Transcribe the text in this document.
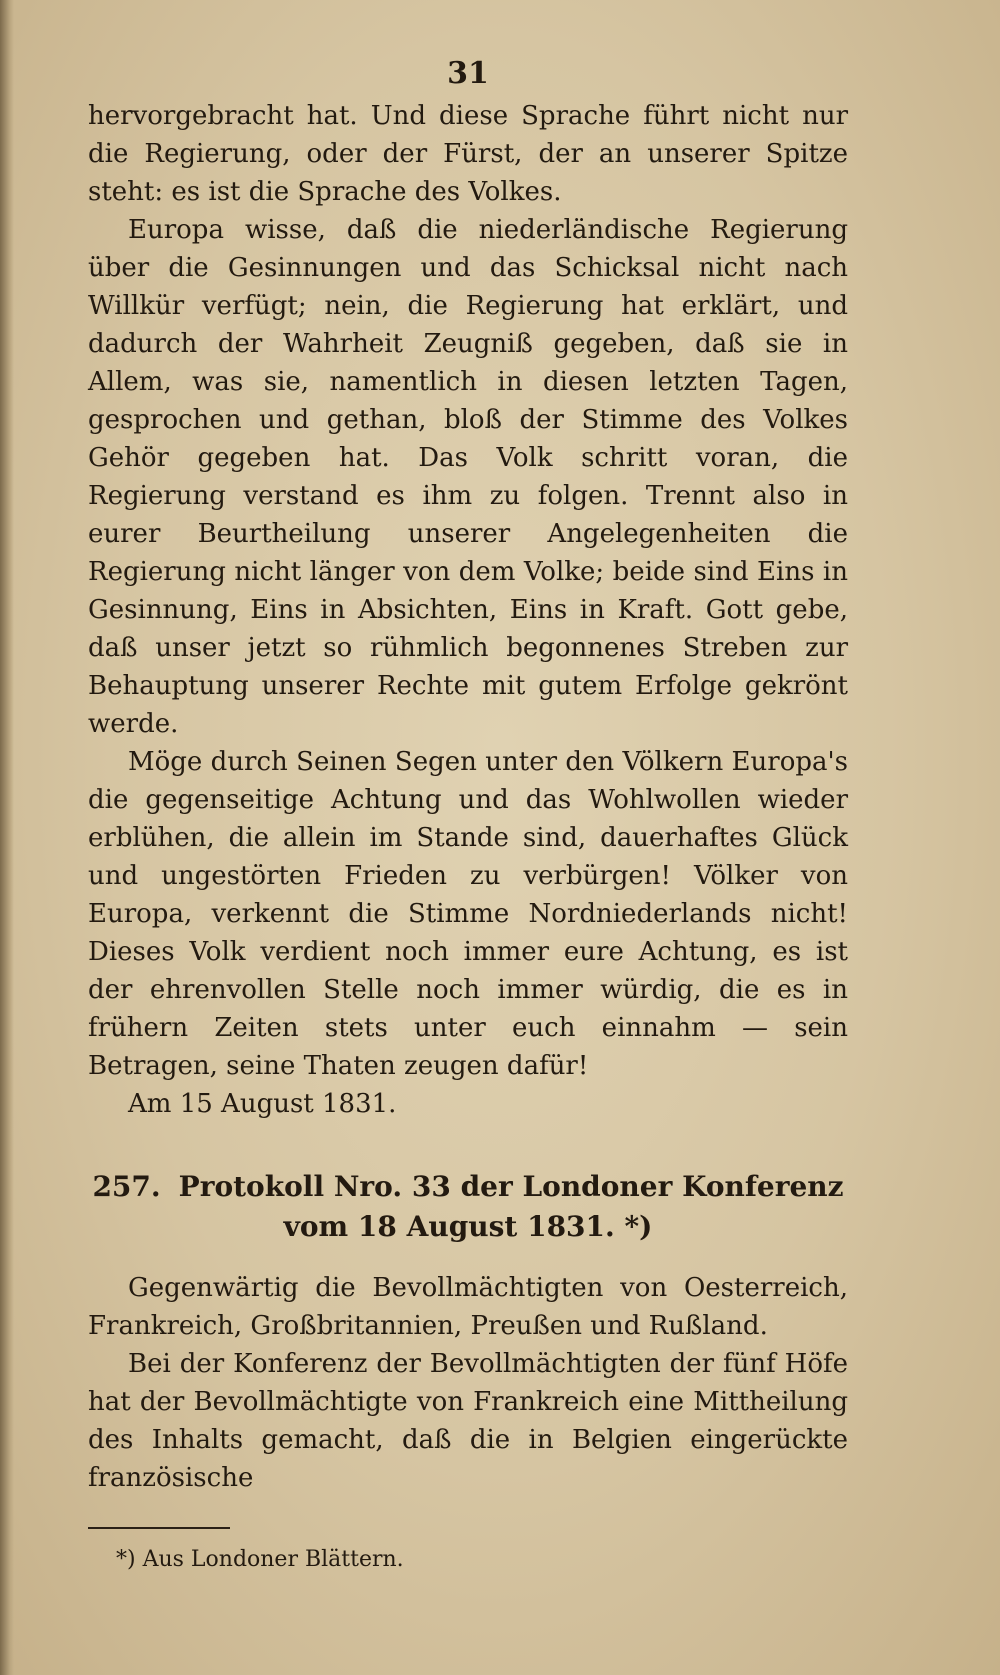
31

hervorgebracht hat. Und diese Sprache führt nicht nur die Regierung, oder der Fürst, der an unserer Spitze steht: es ist die Sprache des Volkes.

Europa wisse, daß die niederländische Regierung über die Gesinnungen und das Schicksal nicht nach Willkür verfügt; nein, die Regierung hat erklärt, und dadurch der Wahrheit Zeugniß gegeben, daß sie in Allem, was sie, namentlich in diesen letzten Tagen, gesprochen und gethan, bloß der Stimme des Volkes Gehör gegeben hat. Das Volk schritt voran, die Regierung verstand es ihm zu folgen. Trennt also in eurer Beurtheilung unserer Angelegenheiten die Regierung nicht länger von dem Volke; beide sind Eins in Gesinnung, Eins in Absichten, Eins in Kraft. Gott gebe, daß unser jetzt so rühmlich begonnenes Streben zur Behauptung unserer Rechte mit gutem Erfolge gekrönt werde.

Möge durch Seinen Segen unter den Völkern Europa's die gegenseitige Achtung und das Wohlwollen wieder erblühen, die allein im Stande sind, dauerhaftes Glück und ungestörten Frieden zu verbürgen! Völker von Europa, verkennt die Stimme Nordniederlands nicht! Dieses Volk verdient noch immer eure Achtung, es ist der ehrenvollen Stelle noch immer würdig, die es in frühern Zeiten stets unter euch einnahm — sein Betragen, seine Thaten zeugen dafür!

Am 15 August 1831.

257. Protokoll Nro. 33 der Londoner Konferenz vom 18 August 1831. *)

Gegenwärtig die Bevollmächtigten von Oesterreich, Frankreich, Großbritannien, Preußen und Rußland.

Bei der Konferenz der Bevollmächtigten der fünf Höfe hat der Bevollmächtigte von Frankreich eine Mittheilung des Inhalts gemacht, daß die in Belgien eingerückte französische

*) Aus Londoner Blättern.
